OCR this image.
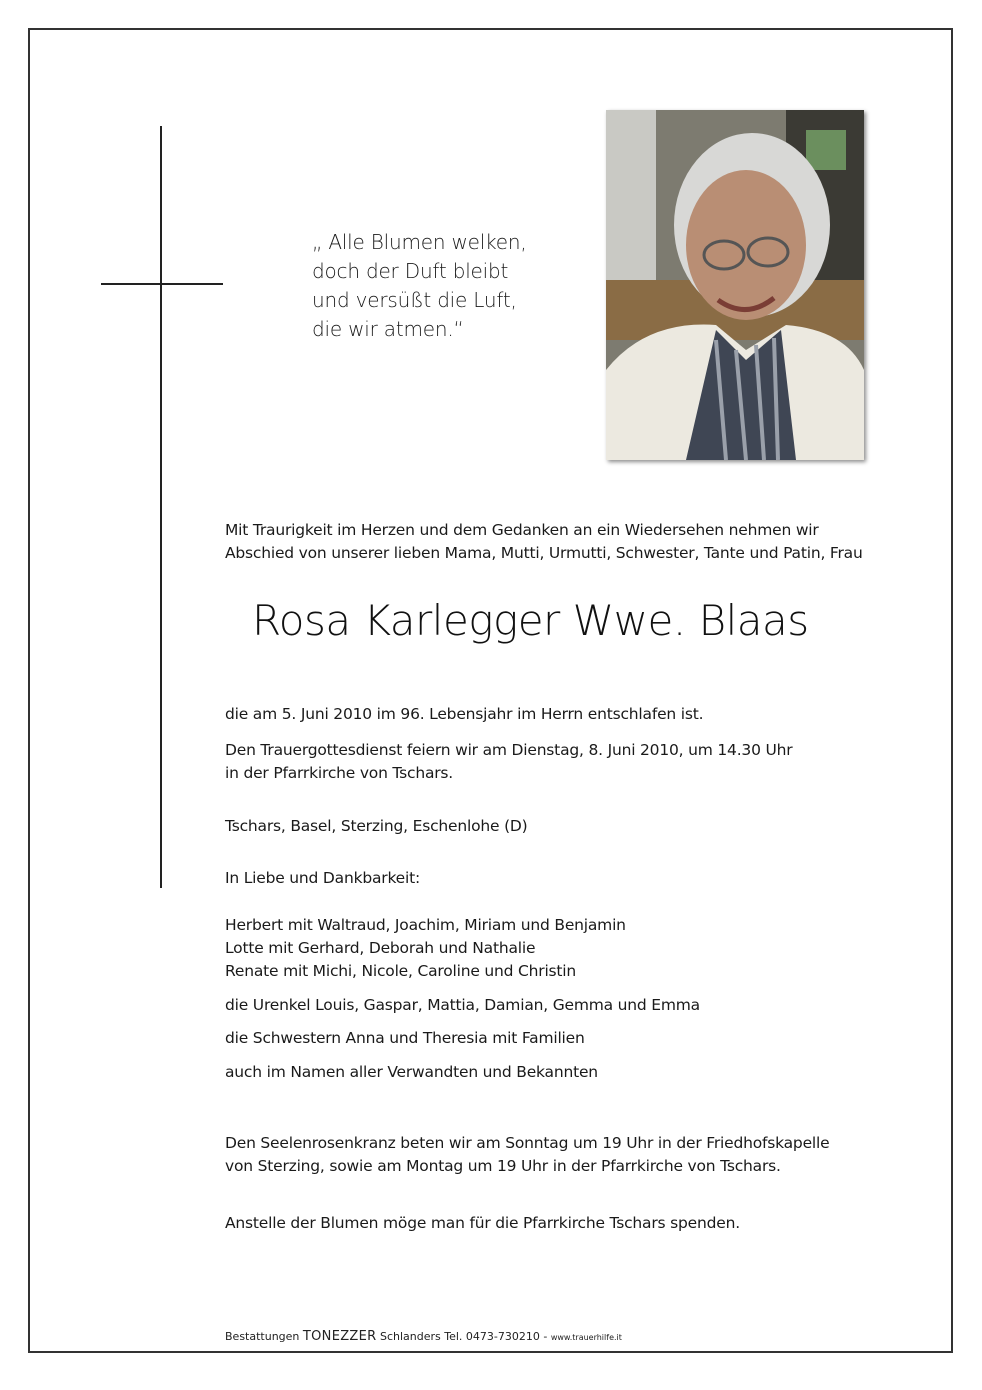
„ Alle Blumen welken,
doch der Duft bleibt
und versüßt die Luft,
die wir atmen.“
Mit Traurigkeit im Herzen und dem Gedanken an ein Wiedersehen nehmen wir
Abschied von unserer lieben Mama, Mutti, Urmutti, Schwester, Tante und Patin, Frau
Rosa Karlegger Wwe. Blaas
die am 5. Juni 2010 im 96. Lebensjahr im Herrn entschlafen ist.
Den Trauergottesdienst feiern wir am Dienstag, 8. Juni 2010, um 14.30 Uhr
in der Pfarrkirche von Tschars.
Tschars, Basel, Sterzing, Eschenlohe (D)
In Liebe und Dankbarkeit:
Herbert mit Waltraud, Joachim, Miriam und Benjamin
Lotte mit Gerhard, Deborah und Nathalie
Renate mit Michi, Nicole, Caroline und Christin
die Urenkel Louis, Gaspar, Mattia, Damian, Gemma und Emma
die Schwestern Anna und Theresia mit Familien
auch im Namen aller Verwandten und Bekannten
Den Seelenrosenkranz beten wir am Sonntag um 19 Uhr in der Friedhofskapelle
von Sterzing, sowie am Montag um 19 Uhr in der Pfarrkirche von Tschars.
Anstelle der Blumen möge man für die Pfarrkirche Tschars spenden.
Bestattungen TONEZZER Schlanders Tel. 0473-730210 - www.trauerhilfe.it
